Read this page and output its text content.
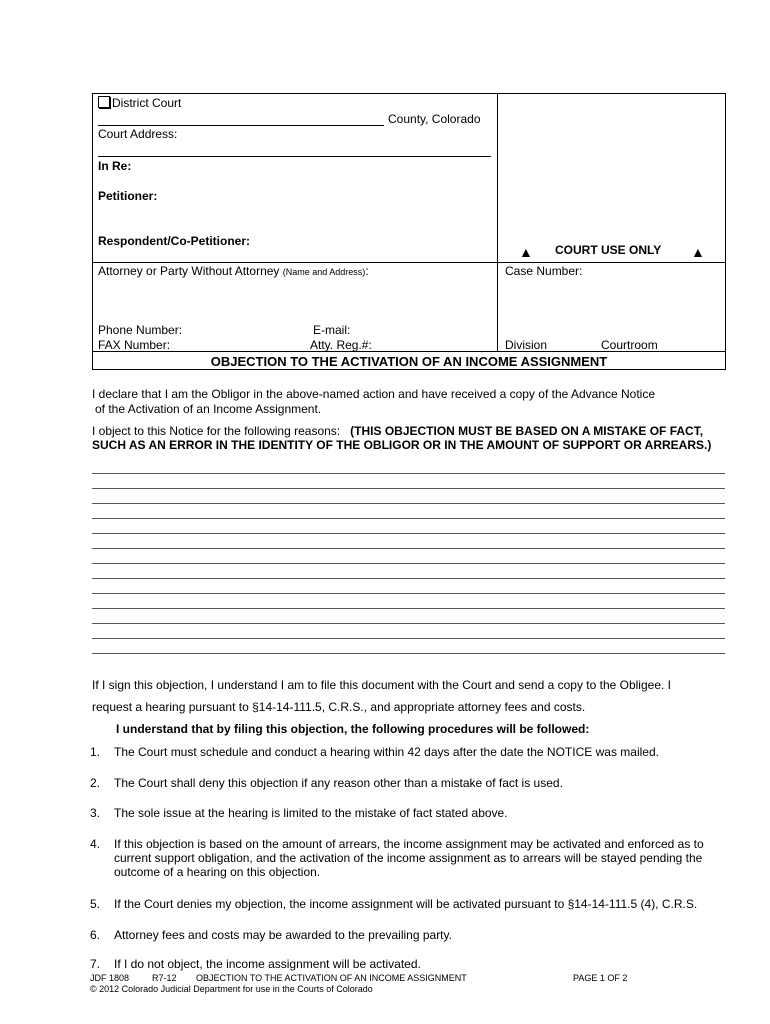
District Court
County, Colorado
Court Address:
In Re:
Petitioner:
Respondent/Co-Petitioner:
▲ COURT USE ONLY ▲
Attorney or Party Without Attorney (Name and Address):	Case Number:
Phone Number:	E-mail:
FAX Number:	Atty. Reg.#:	Division	Courtroom
OBJECTION TO THE ACTIVATION OF AN INCOME ASSIGNMENT
I declare that I am the Obligor in the above-named action and have received a copy of the Advance Notice
of the Activation of an Income Assignment.
I object to this Notice for the following reasons: (THIS OBJECTION MUST BE BASED ON A MISTAKE OF FACT,
SUCH AS AN ERROR IN THE IDENTITY OF THE OBLIGOR OR IN THE AMOUNT OF SUPPORT OR ARREARS.)
If I sign this objection, I understand I am to file this document with the Court and send a copy to the Obligee. I
request a hearing pursuant to §14-14-111.5, C.R.S., and appropriate attorney fees and costs.
I understand that by filing this objection, the following procedures will be followed:
1. The Court must schedule and conduct a hearing within 42 days after the date the NOTICE was mailed.
2. The Court shall deny this objection if any reason other than a mistake of fact is used.
3. The sole issue at the hearing is limited to the mistake of fact stated above.
4. If this objection is based on the amount of arrears, the income assignment may be activated and enforced as to current support obligation, and the activation of the income assignment as to arrears will be stayed pending the outcome of a hearing on this objection.
5. If the Court denies my objection, the income assignment will be activated pursuant to §14-14-111.5 (4), C.R.S.
6. Attorney fees and costs may be awarded to the prevailing party.
7. If I do not object, the income assignment will be activated.
JDF 1808	R7-12 OBJECTION TO THE ACTIVATION OF AN INCOME ASSIGNMENT	PAGE 1 OF 2
© 2012 Colorado Judicial Department for use in the Courts of Colorado
